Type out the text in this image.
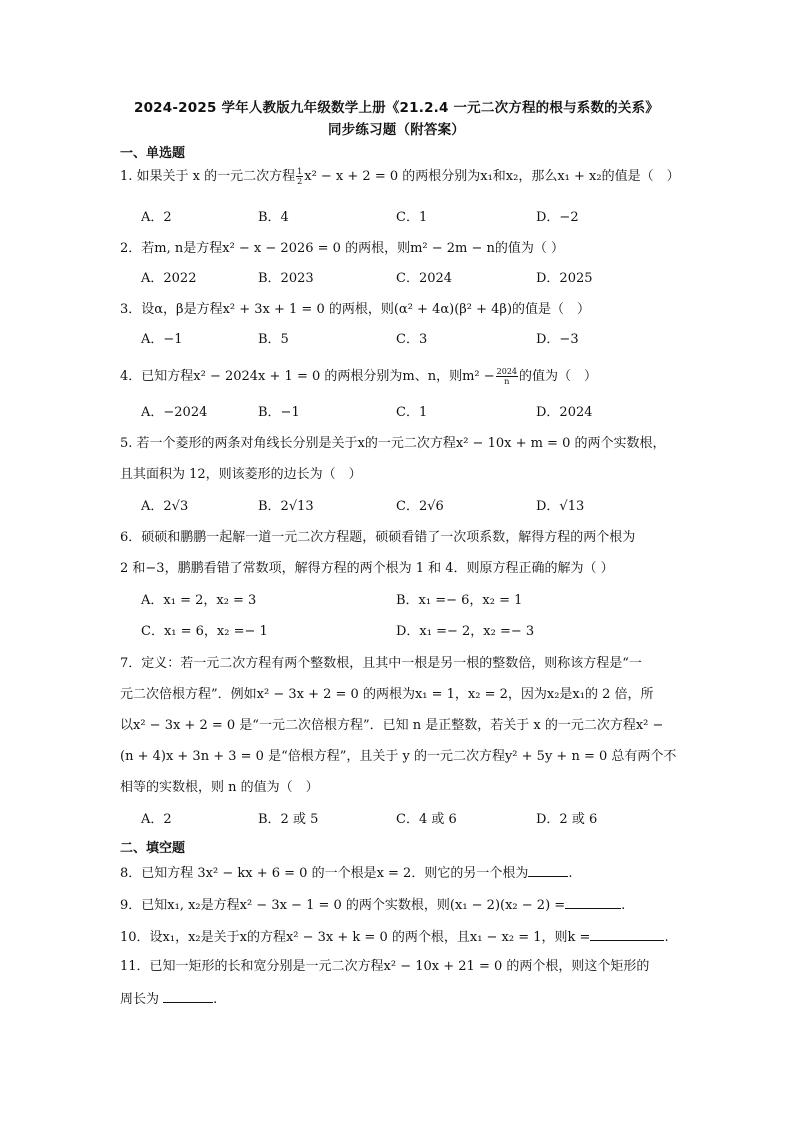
2024-2025 学年人教版九年级数学上册《21.2.4 一元二次方程的根与系数的关系》
同步练习题（附答案）
一、单选题
1. 如果关于 x 的一元二次方程 $\frac{1}{2} x^2 - x + 2 = 0$ 的两根分别为x₁和x₂，那么x₁ + x₂的值是（　）
A．2	B．4	C．1	D．−2
2．若m, n是方程x² − x − 2026 = 0 的两根，则m² − 2m − n的值为（ ）
A．2022	B．2023	C．2024	D．2025
3．设α，β是方程x² + 3x + 1 = 0 的两根，则(α² + 4α)(β² + 4β)的值是（　）
A．−1	B．5	C．3	D．−3
4．已知方程x² − 2024x + 1 = 0 的两根分别为m、n，则$m^2 - \frac{2024}{n}$ 的值为（　）
A．−2024	B．−1	C．1	D．2024
5. 若一个菱形的两条对角线长分别是关于x的一元二次方程x² − 10x + m = 0 的两个实数根，
且其面积为 12，则该菱形的边长为（　）
A．2√3	B．2√13	C．2√6	D．√13
6．硕硕和鹏鹏一起解一道一元二次方程题，硕硕看错了一次项系数，解得方程的两个根为
2 和−3，鹏鹏看错了常数项，解得方程的两个根为 1 和 4．则原方程正确的解为（ ）
A．x₁ = 2，x₂ = 3	B．x₁ =− 6，x₂ = 1
C．x₁ = 6，x₂ =− 1	D．x₁ =− 2，x₂ =− 3
7．定义：若一元二次方程有两个整数根，且其中一根是另一根的整数倍，则称该方程是“一
元二次倍根方程”．例如x² − 3x + 2 = 0 的两根为x₁ = 1，x₂ = 2，因为x₂是x₁的 2 倍，所
以x² − 3x + 2 = 0 是“一元二次倍根方程”．已知 n 是正整数，若关于 x 的一元二次方程x² −
(n + 4)x + 3n + 3 = 0 是“倍根方程”，且关于 y 的一元二次方程y² + 5y + n = 0 总有两个不
相等的实数根，则 n 的值为（　）
A．2	B．2 或 5	C．4 或 6	D．2 或 6
二、填空题
8．已知方程 3x² − kx + 6 = 0 的一个根是x = 2．则它的另一个根为	.
9．已知x₁, x₂是方程x² − 3x − 1 = 0 的两个实数根，则(x₁ − 2)(x₂ − 2) =	.
10．设x₁，x₂是关于x的方程x² − 3x + k = 0 的两个根，且x₁ − x₂ = 1，则k =	.
11．已知一矩形的长和宽分别是一元二次方程x² − 10x + 21 = 0 的两个根，则这个矩形的
周长为	.
